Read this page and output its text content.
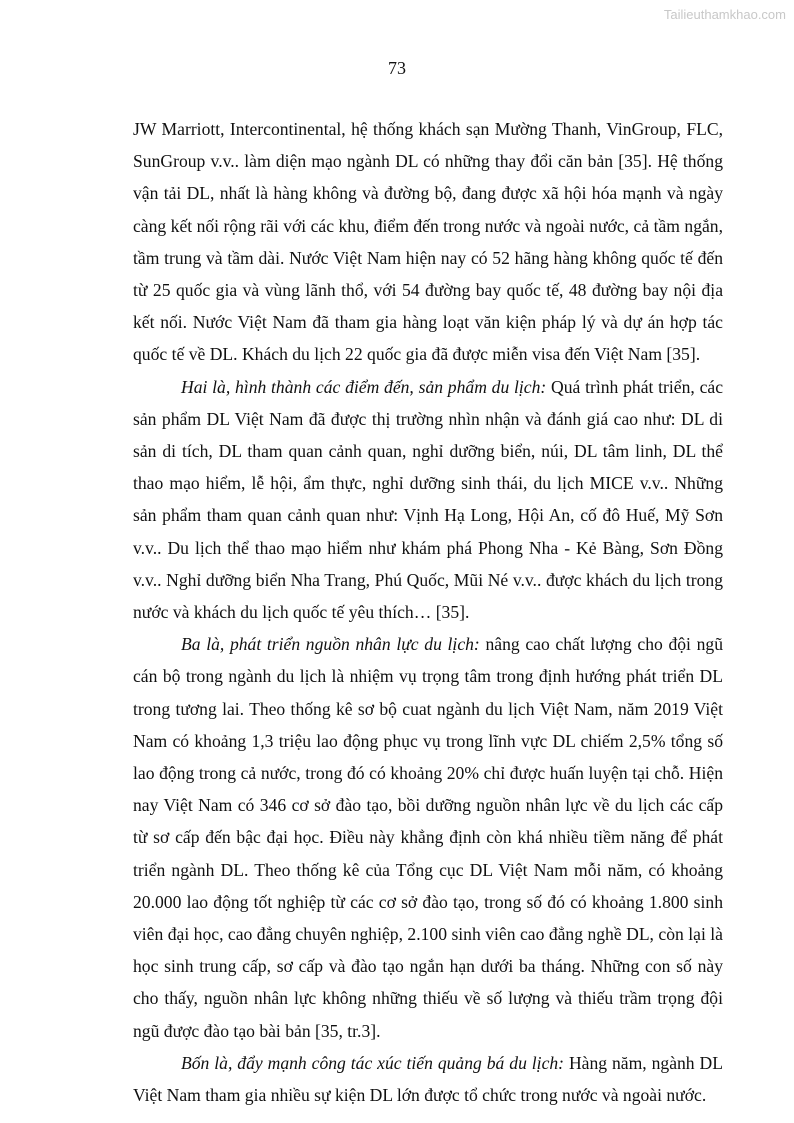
Tailieuthamkhao.com
73

JW Marriott, Intercontinental, hệ thống khách sạn Mường Thanh, VinGroup, FLC, SunGroup v.v.. làm diện mạo ngành DL có những thay đổi căn bản [35]. Hệ thống vận tải DL, nhất là hàng không và đường bộ, đang được xã hội hóa mạnh và ngày càng kết nối rộng rãi với các khu, điểm đến trong nước và ngoài nước, cả tầm ngắn, tầm trung và tầm dài. Nước Việt Nam hiện nay có 52 hãng hàng không quốc tế đến từ 25 quốc gia và vùng lãnh thổ, với 54 đường bay quốc tế, 48 đường bay nội địa kết nối. Nước Việt Nam đã tham gia hàng loạt văn kiện pháp lý và dự án hợp tác quốc tế về DL. Khách du lịch 22 quốc gia đã được miễn visa đến Việt Nam [35].

Hai là, hình thành các điểm đến, sản phẩm du lịch: Quá trình phát triển, các sản phẩm DL Việt Nam đã được thị trường nhìn nhận và đánh giá cao như: DL di sản di tích, DL tham quan cảnh quan, nghỉ dưỡng biển, núi, DL tâm linh, DL thể thao mạo hiểm, lễ hội, ẩm thực, nghỉ dưỡng sinh thái, du lịch MICE v.v.. Những sản phẩm tham quan cảnh quan như: Vịnh Hạ Long, Hội An, cố đô Huế, Mỹ Sơn v.v.. Du lịch thể thao mạo hiểm như khám phá Phong Nha - Kẻ Bàng, Sơn Đồng v.v.. Nghỉ dưỡng biển Nha Trang, Phú Quốc, Mũi Né v.v.. được khách du lịch trong nước và khách du lịch quốc tế yêu thích… [35].

Ba là, phát triển nguồn nhân lực du lịch: nâng cao chất lượng cho đội ngũ cán bộ trong ngành du lịch là nhiệm vụ trọng tâm trong định hướng phát triển DL trong tương lai. Theo thống kê sơ bộ cuat ngành du lịch Việt Nam, năm 2019 Việt Nam có khoảng 1,3 triệu lao động phục vụ trong lĩnh vực DL chiếm 2,5% tổng số lao động trong cả nước, trong đó có khoảng 20% chỉ được huấn luyện tại chỗ. Hiện nay Việt Nam có 346 cơ sở đào tạo, bồi dưỡng nguồn nhân lực về du lịch các cấp từ sơ cấp đến bậc đại học. Điều này khẳng định còn khá nhiều tiềm năng để phát triển ngành DL. Theo thống kê của Tổng cục DL Việt Nam mỗi năm, có khoảng 20.000 lao động tốt nghiệp từ các cơ sở đào tạo, trong số đó có khoảng 1.800 sinh viên đại học, cao đẳng chuyên nghiệp, 2.100 sinh viên cao đẳng nghề DL, còn lại là học sinh trung cấp, sơ cấp và đào tạo ngắn hạn dưới ba tháng. Những con số này cho thấy, nguồn nhân lực không những thiếu về số lượng và thiếu trầm trọng đội ngũ được đào tạo bài bản [35, tr.3].

Bốn là, đẩy mạnh công tác xúc tiến quảng bá du lịch: Hàng năm, ngành DL Việt Nam tham gia nhiều sự kiện DL lớn được tổ chức trong nước và ngoài nước.
